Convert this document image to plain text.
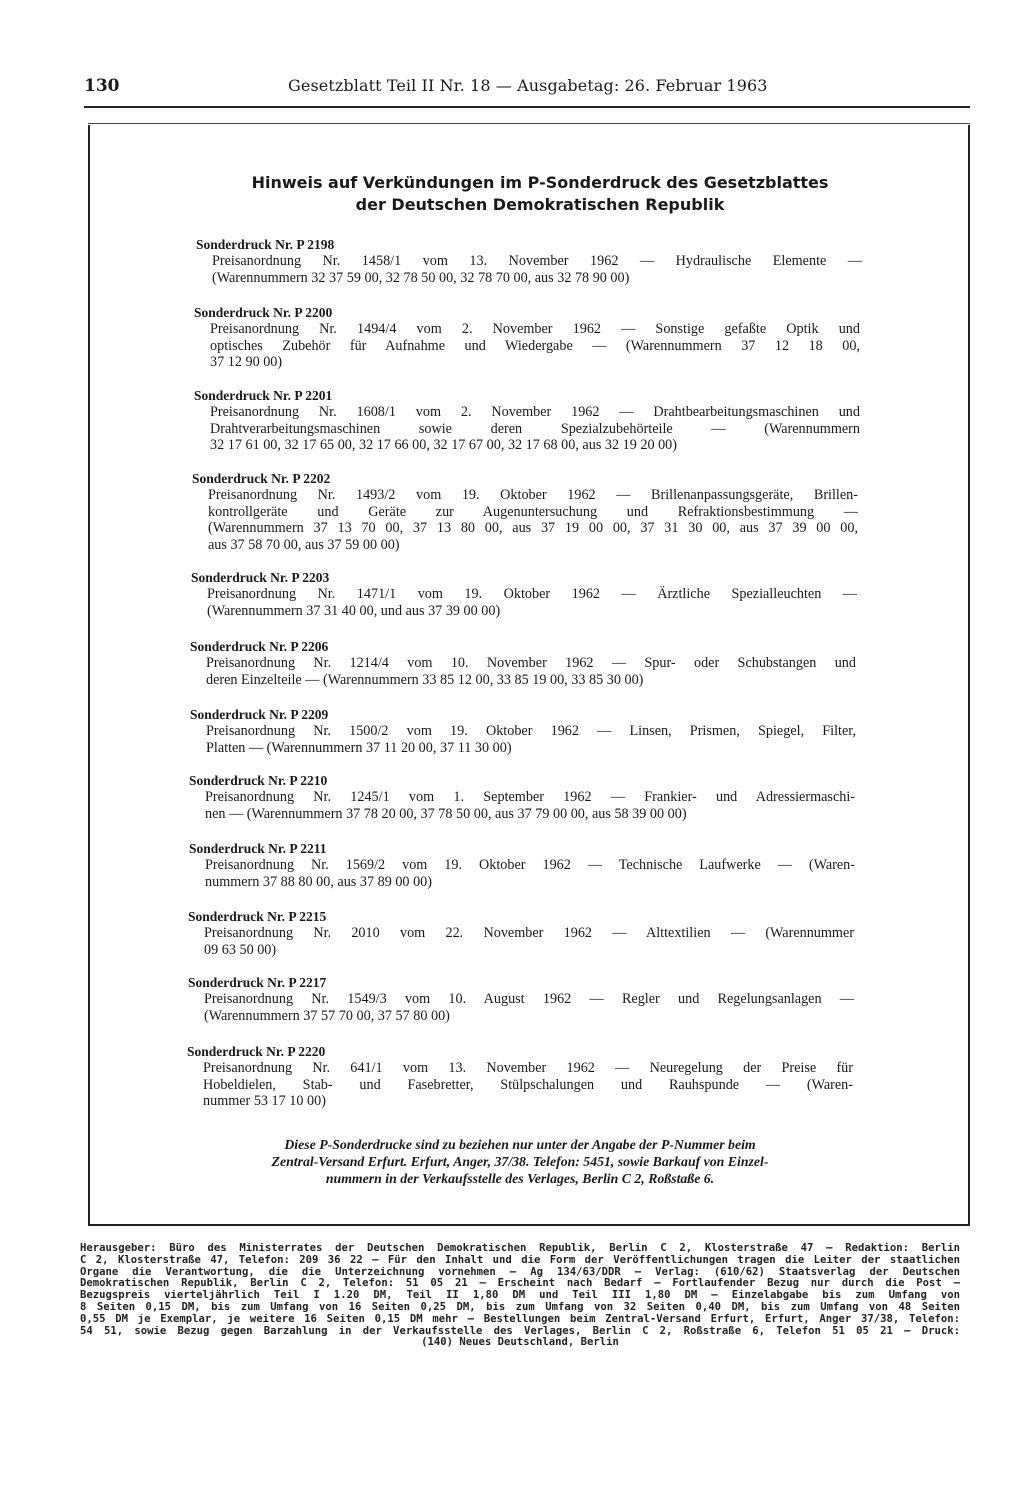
130	Gesetzblatt Teil II Nr. 18 — Ausgabetag: 26. Februar 1963
Hinweis auf Verkündungen im P-Sonderdruck des Gesetzblattes
der Deutschen Demokratischen Republik
Sonderdruck Nr. P 2198
Preisanordnung Nr. 1458/1 vom 13. November 1962 — Hydraulische Elemente —
(Warennummern 32 37 59 00, 32 78 50 00, 32 78 70 00, aus 32 78 90 00)
Sonderdruck Nr. P 2200
Preisanordnung Nr. 1494/4 vom 2. November 1962 — Sonstige gefaßte Optik und
optisches Zubehör für Aufnahme und Wiedergabe — (Warennummern 37 12 18 00,
37 12 90 00)
Sonderdruck Nr. P 2201
Preisanordnung Nr. 1608/1 vom 2. November 1962 — Drahtbearbeitungsmaschinen und
Drahtverarbeitungsmaschinen sowie deren Spezialzubehörteile — (Warennummern
32 17 61 00, 32 17 65 00, 32 17 66 00, 32 17 67 00, 32 17 68 00, aus 32 19 20 00)
Sonderdruck Nr. P 2202
Preisanordnung Nr. 1493/2 vom 19. Oktober 1962 — Brillenanpassungsgeräte, Brillen-
kontrollgeräte und Geräte zur Augenuntersuchung und Refraktionsbestimmung —
(Warennummern 37 13 70 00, 37 13 80 00, aus 37 19 00 00, 37 31 30 00, aus 37 39 00 00,
aus 37 58 70 00, aus 37 59 00 00)
Sonderdruck Nr. P 2203
Preisanordnung Nr. 1471/1 vom 19. Oktober 1962 — Ärztliche Spezialleuchten —
(Warennummern 37 31 40 00, und aus 37 39 00 00)
Sonderdruck Nr. P 2206
Preisanordnung Nr. 1214/4 vom 10. November 1962 — Spur- oder Schubstangen und
deren Einzelteile — (Warennummern 33 85 12 00, 33 85 19 00, 33 85 30 00)
Sonderdruck Nr. P 2209
Preisanordnung Nr. 1500/2 vom 19. Oktober 1962 — Linsen, Prismen, Spiegel, Filter,
Platten — (Warennummern 37 11 20 00, 37 11 30 00)
Sonderdruck Nr. P 2210
Preisanordnung Nr. 1245/1 vom 1. September 1962 — Frankier- und Adressiermaschi-
nen — (Warennummern 37 78 20 00, 37 78 50 00, aus 37 79 00 00, aus 58 39 00 00)
Sonderdruck Nr. P 2211
Preisanordnung Nr. 1569/2 vom 19. Oktober 1962 — Technische Laufwerke — (Waren-
nummern 37 88 80 00, aus 37 89 00 00)
Sonderdruck Nr. P 2215
Preisanordnung Nr. 2010 vom 22. November 1962 — Alttextilien — (Warennummer
09 63 50 00)
Sonderdruck Nr. P 2217
Preisanordnung Nr. 1549/3 vom 10. August 1962 — Regler und Regelungsanlagen —
(Warennummern 37 57 70 00, 37 57 80 00)
Sonderdruck Nr. P 2220
Preisanordnung Nr. 641/1 vom 13. November 1962 — Neuregelung der Preise für
Hobeldielen, Stab- und Fasebretter, Stülpschalungen und Rauhspunde — (Waren-
nummer 53 17 10 00)
Diese P-Sonderdrucke sind zu beziehen nur unter der Angabe der P-Nummer beim
Zentral-Versand Erfurt. Erfurt, Anger, 37/38. Telefon: 5451, sowie Barkauf von Einzel-
nummern in der Verkaufsstelle des Verlages, Berlin C 2, Roßstaße 6.
Herausgeber: Büro des Ministerrates der Deutschen Demokratischen Republik, Berlin C 2, Klosterstraße 47 — Redaktion: Berlin
C 2, Klosterstraße 47, Telefon: 209 36 22 — Für den Inhalt und die Form der Veröffentlichungen tragen die Leiter der staatlichen
Organe die Verantwortung, die die Unterzeichnung vornehmen — Ag 134/63/DDR — Verlag: (610/62) Staatsverlag der Deutschen
Demokratischen Republik, Berlin C 2, Telefon: 51 05 21 — Erscheint nach Bedarf — Fortlaufender Bezug nur durch die Post —
Bezugspreis vierteljährlich Teil I 1.20 DM, Teil II 1,80 DM und Teil III 1,80 DM — Einzelabgabe bis zum Umfang von
8 Seiten 0,15 DM, bis zum Umfang von 16 Seiten 0,25 DM, bis zum Umfang von 32 Seiten 0,40 DM, bis zum Umfang von 48 Seiten
0,55 DM je Exemplar, je weitere 16 Seiten 0,15 DM mehr — Bestellungen beim Zentral-Versand Erfurt, Erfurt, Anger 37/38, Telefon:
54 51, sowie Bezug gegen Barzahlung in der Verkaufsstelle des Verlages, Berlin C 2, Roßstraße 6, Telefon 51 05 21 — Druck:
(140) Neues Deutschland, Berlin
